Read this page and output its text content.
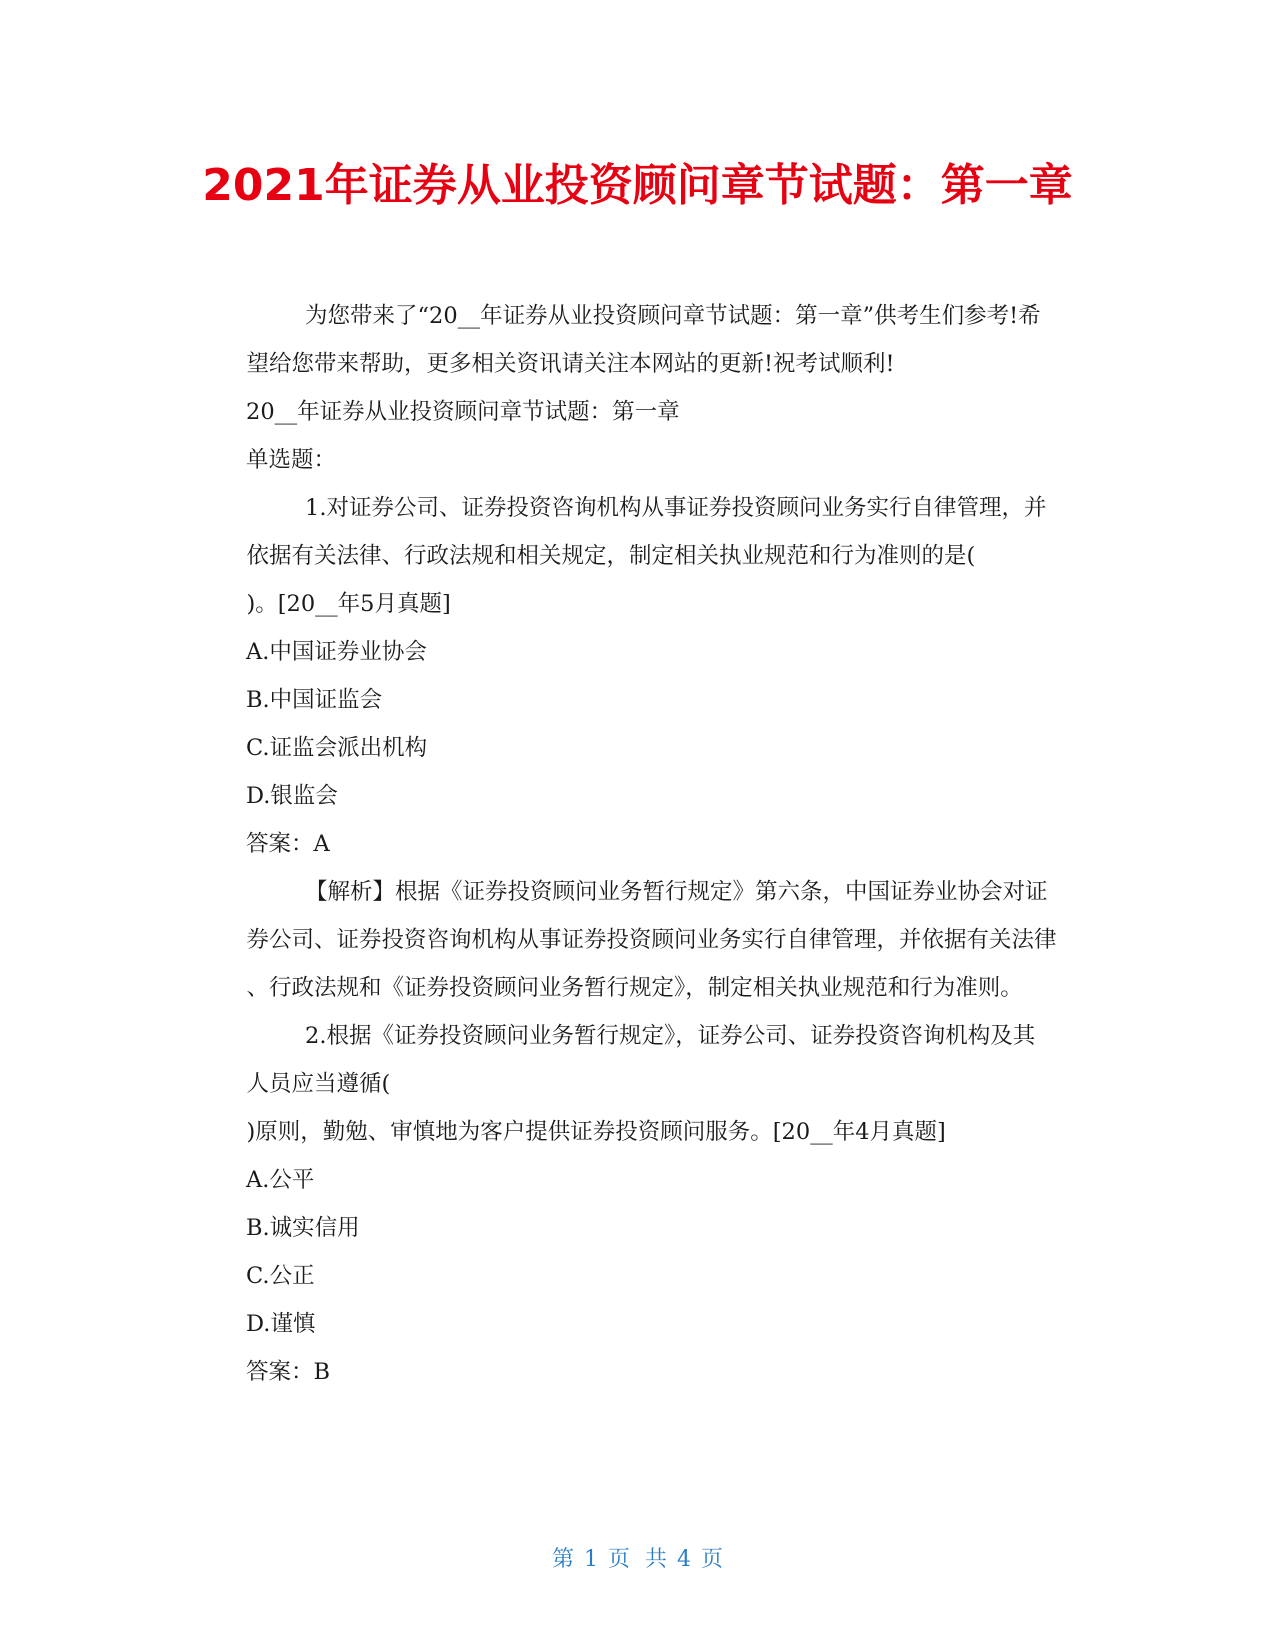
2021年证券从业投资顾问章节试题：第一章
为您带来了“20__年证券从业投资顾问章节试题：第一章”供考生们参考!希
望给您带来帮助，更多相关资讯请关注本网站的更新!祝考试顺利!
20__年证券从业投资顾问章节试题：第一章
单选题：
1.对证券公司、证券投资咨询机构从事证券投资顾问业务实行自律管理，并
依据有关法律、行政法规和相关规定，制定相关执业规范和行为准则的是(
)。[20__年5月真题]
A.中国证券业协会
B.中国证监会
C.证监会派出机构
D.银监会
答案：A
【解析】根据《证券投资顾问业务暂行规定》第六条，中国证券业协会对证
券公司、证券投资咨询机构从事证券投资顾问业务实行自律管理，并依据有关法律
、行政法规和《证券投资顾问业务暂行规定》，制定相关执业规范和行为准则。
2.根据《证券投资顾问业务暂行规定》，证券公司、证券投资咨询机构及其
人员应当遵循(
)原则，勤勉、审慎地为客户提供证券投资顾问服务。[20__年4月真题]
A.公平
B.诚实信用
C.公正
D.谨慎
答案：B
第 1 页 共 4 页
